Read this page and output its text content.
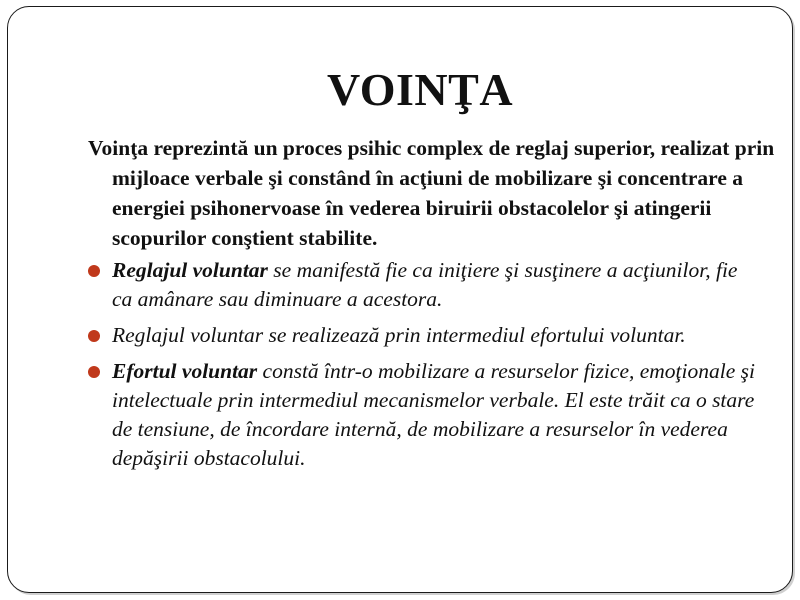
VOINŢA

Voinţa reprezintă un proces psihic complex de reglaj superior, realizat prin mijloace verbale şi constând în acţiuni de mobilizare şi concentrare a energiei psihonervoase în vederea biruirii obstacolelor şi atingerii scopurilor conştient stabilite.

Reglajul voluntar se manifestă fie ca iniţiere şi susţinere a acţiunilor, fie ca amânare sau diminuare a acestora.
Reglajul voluntar se realizează prin intermediul efortului voluntar.
Efortul voluntar constă într-o mobilizare a resurselor fizice, emoţionale şi intelectuale prin intermediul mecanismelor verbale. El este trăit ca o stare de tensiune, de încordare internă, de mobilizare a resurselor în vederea depăşirii obstacolului.
